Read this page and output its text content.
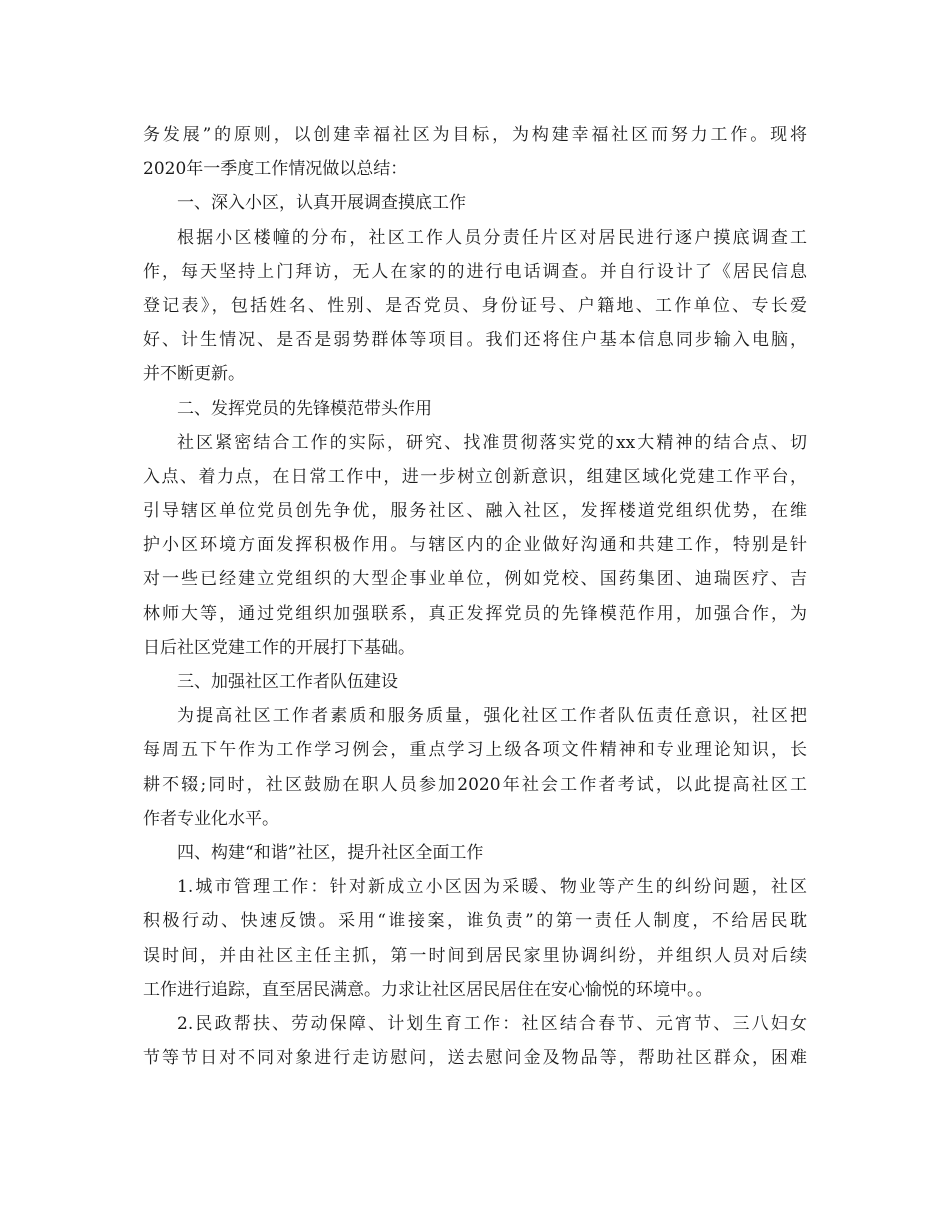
务发展”的原则，以创建幸福社区为目标，为构建幸福社区而努力工作。现将
2020年一季度工作情况做以总结：
一、深入小区，认真开展调查摸底工作
根据小区楼幢的分布，社区工作人员分责任片区对居民进行逐户摸底调查工
作，每天坚持上门拜访，无人在家的的进行电话调查。并自行设计了《居民信息
登记表》，包括姓名、性别、是否党员、身份证号、户籍地、工作单位、专长爱
好、计生情况、是否是弱势群体等项目。我们还将住户基本信息同步输入电脑，
并不断更新。
二、发挥党员的先锋模范带头作用
社区紧密结合工作的实际，研究、找准贯彻落实党的xx大精神的结合点、切
入点、着力点，在日常工作中，进一步树立创新意识，组建区域化党建工作平台，
引导辖区单位党员创先争优，服务社区、融入社区，发挥楼道党组织优势，在维
护小区环境方面发挥积极作用。与辖区内的企业做好沟通和共建工作，特别是针
对一些已经建立党组织的大型企事业单位，例如党校、国药集团、迪瑞医疗、吉
林师大等，通过党组织加强联系，真正发挥党员的先锋模范作用，加强合作，为
日后社区党建工作的开展打下基础。
三、加强社区工作者队伍建设
为提高社区工作者素质和服务质量，强化社区工作者队伍责任意识，社区把
每周五下午作为工作学习例会，重点学习上级各项文件精神和专业理论知识，长
耕不辍;同时，社区鼓励在职人员参加2020年社会工作者考试，以此提高社区工
作者专业化水平。
四、构建“和谐”社区，提升社区全面工作
1.城市管理工作：针对新成立小区因为采暖、物业等产生的纠纷问题，社区
积极行动、快速反馈。采用“谁接案，谁负责”的第一责任人制度，不给居民耽
误时间，并由社区主任主抓，第一时间到居民家里协调纠纷，并组织人员对后续
工作进行追踪，直至居民满意。力求让社区居民居住在安心愉悦的环境中。。
2.民政帮扶、劳动保障、计划生育工作：社区结合春节、元宵节、三八妇女
节等节日对不同对象进行走访慰问，送去慰问金及物品等，帮助社区群众，困难
